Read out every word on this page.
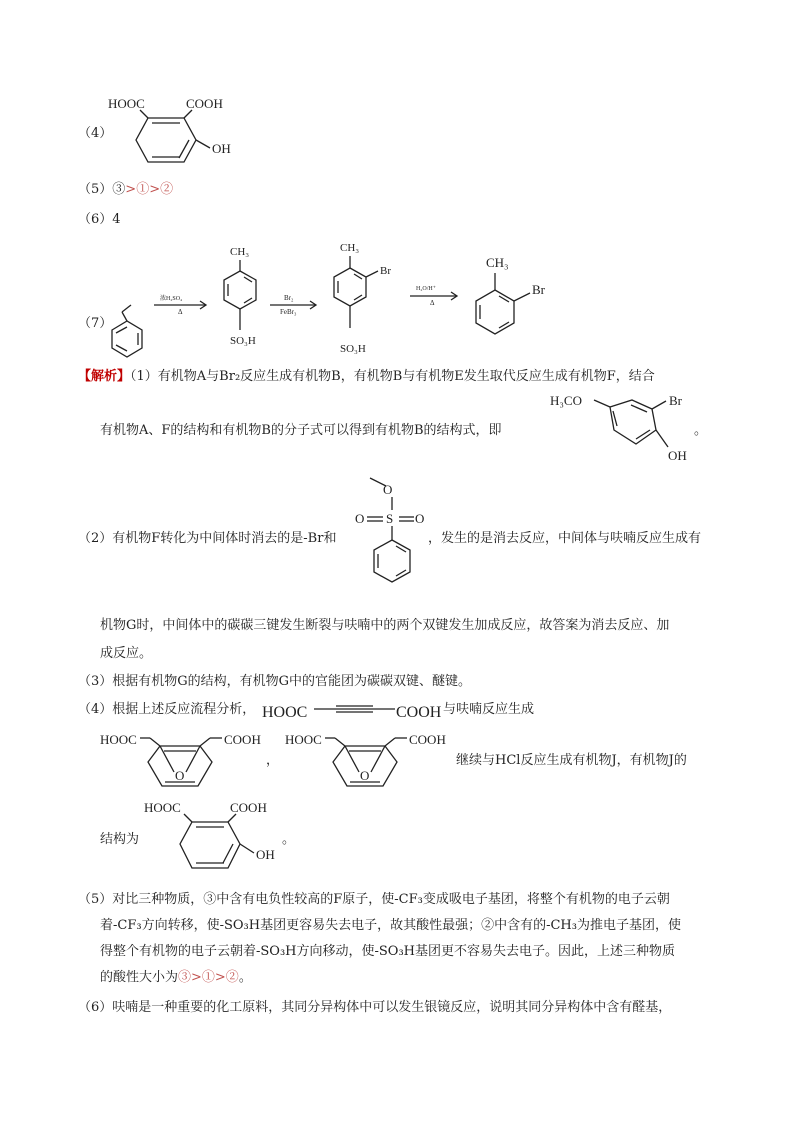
（4）
HOOC	COOH
OH
（5）③>①>②
（6）4
（7）
浓H₂SO₄
Δ
CH₃
SO₃H
Br₂
FeBr₃
CH₃
Br
SO₃H
H₂O/H⁺
Δ
CH₃
Br
【解析】（1）有机物A与Br₂反应生成有机物B，有机物B与有机物E发生取代反应生成有机物F，结合
有机物A、F的结构和有机物B的分子式可以得到有机物B的结构式，即
H₃CO	Br
OH
。
O
S
O	O
（2）有机物F转化为中间体时消去的是-Br和	，发生的是消去反应，中间体与呋喃反应生成有
机物G时，中间体中的碳碳三键发生断裂与呋喃中的两个双键发生加成反应，故答案为消去反应、加
成反应。
（3）根据有机物G的结构，有机物G中的官能团为碳碳双键、醚键。
（4）根据上述反应流程分析， HOOC	COOH 与呋喃反应生成
HOOC	COOH
O
，
HOOC	COOH
O
继续与HCl反应生成有机物J，有机物J的
结构为
HOOC	COOH
OH
。
（5）对比三种物质，③中含有电负性较高的F原子，使-CF₃变成吸电子基团，将整个有机物的电子云朝
着-CF₃方向转移，使-SO₃H基团更容易失去电子，故其酸性最强；②中含有的-CH₃为推电子基团，使
得整个有机物的电子云朝着-SO₃H方向移动，使-SO₃H基团更不容易失去电子。因此，上述三种物质
的酸性大小为③>①>②。
（6）呋喃是一种重要的化工原料，其同分异构体中可以发生银镜反应，说明其同分异构体中含有醛基，
